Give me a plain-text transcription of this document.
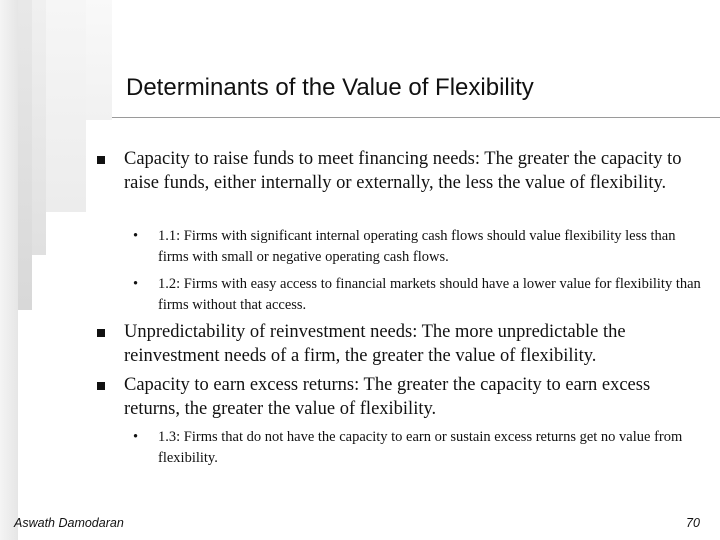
Determinants of the Value of Flexibility
Capacity to raise funds to meet financing needs: The greater the capacity to raise funds, either internally or externally, the less the value of flexibility.
• 1.1: Firms with significant internal operating cash flows should value flexibility less than firms with small or negative operating cash flows.
• 1.2: Firms with easy access to financial markets should have a lower value for flexibility than firms without that access.
Unpredictability of reinvestment needs: The more unpredictable the reinvestment needs of a firm, the greater the value of flexibility.
Capacity to earn excess returns: The greater the capacity to earn excess returns, the greater the value of flexibility.
• 1.3: Firms that do not have the capacity to earn or sustain excess returns get no value from flexibility.
Aswath Damodaran	70
